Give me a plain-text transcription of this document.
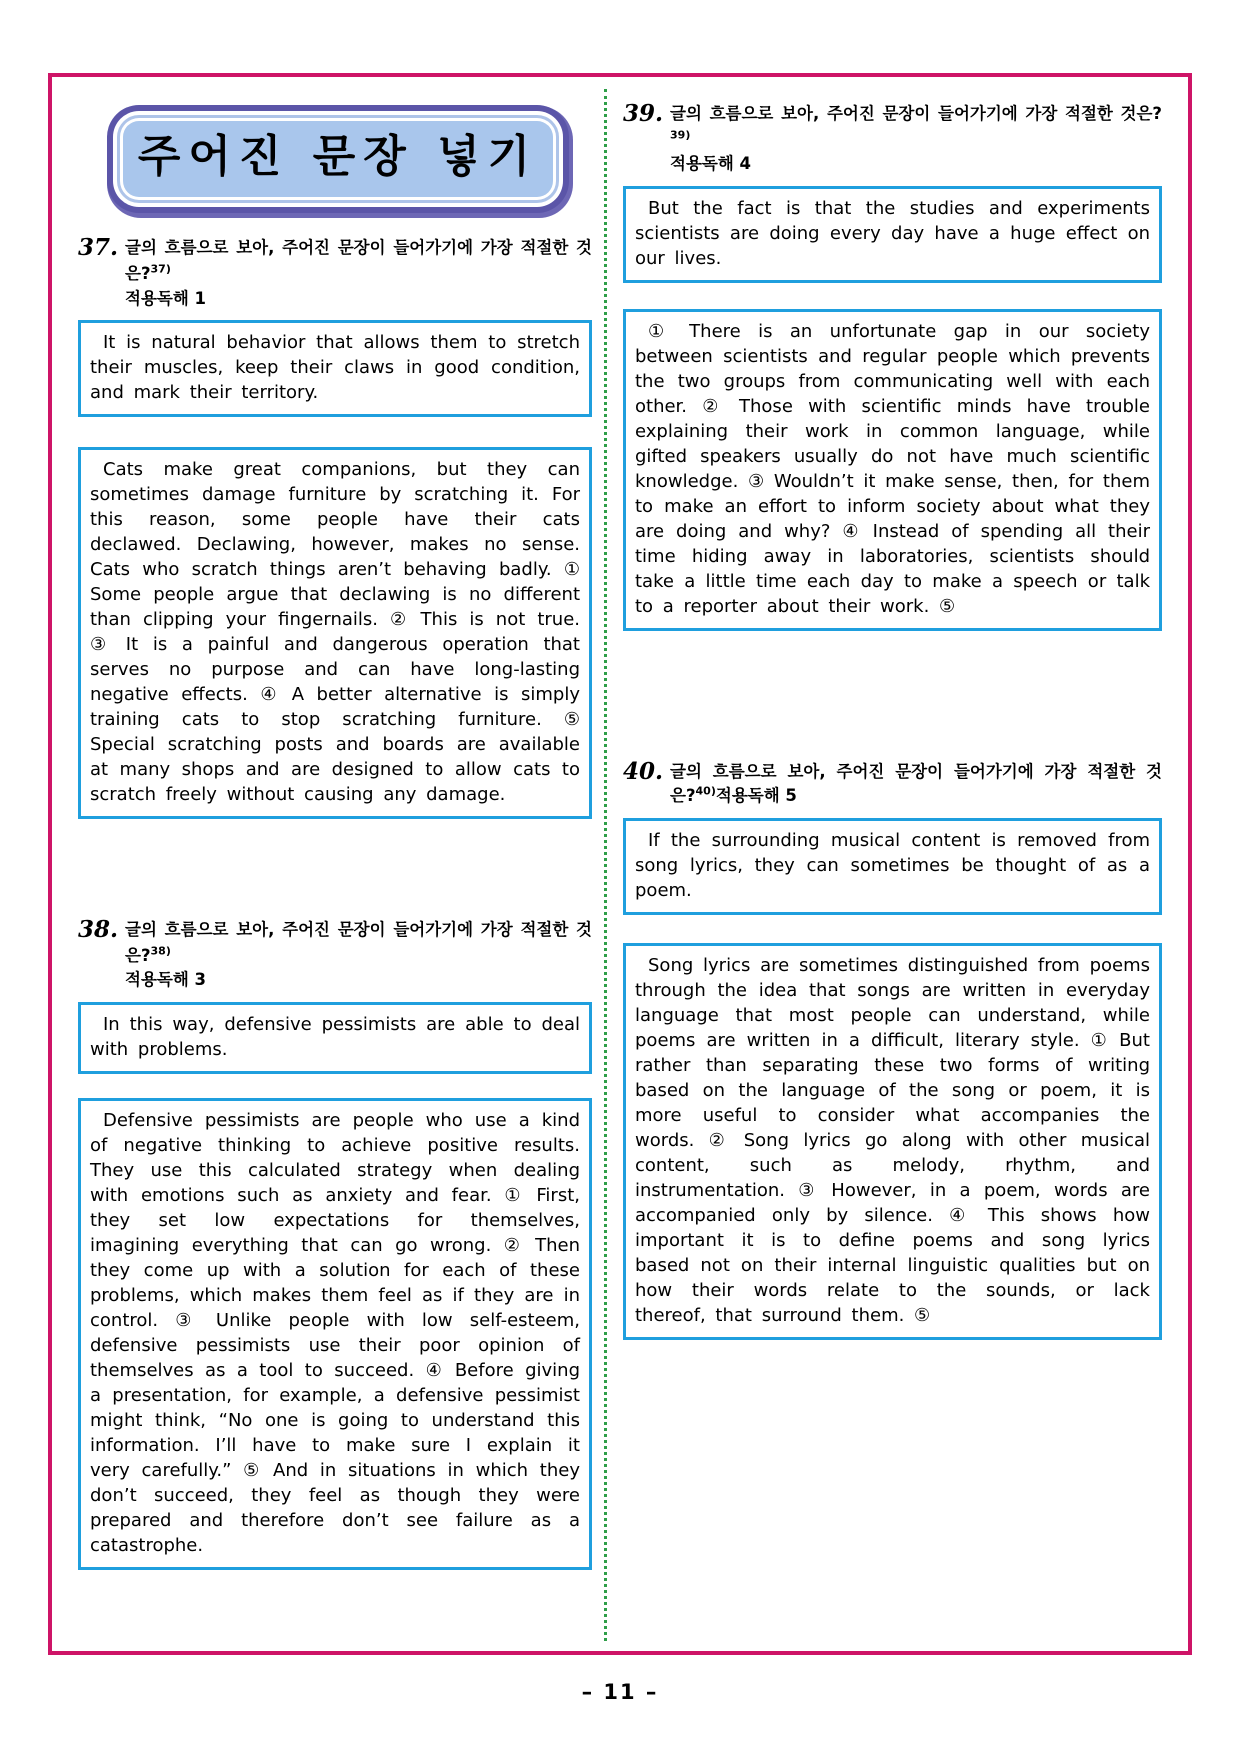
주어진 문장 넣기
37. 글의 흐름으로 보아, 주어진 문장이 들어가기에 가장 적절한 것은?$^{37)}$
적용독해 1

It is natural behavior that allows them to stretch their muscles, keep their claws in good condition, and mark their territory.

Cats make great companions, but they can sometimes damage furniture by scratching it. For this reason, some people have their cats declawed. Declawing, however, makes no sense. Cats who scratch things aren’t behaving badly. ① Some people argue that declawing is no different than clipping your fingernails. ② This is not true. ③ It is a painful and dangerous operation that serves no purpose and can have long-lasting negative effects. ④ A better alternative is simply training cats to stop scratching furniture. ⑤ Special scratching posts and boards are available at many shops and are designed to allow cats to scratch freely without causing any damage.

38. 글의 흐름으로 보아, 주어진 문장이 들어가기에 가장 적절한 것은?$^{38)}$
적용독해 3

In this way, defensive pessimists are able to deal with problems.

Defensive pessimists are people who use a kind of negative thinking to achieve positive results. They use this calculated strategy when dealing with emotions such as anxiety and fear. ① First, they set low expectations for themselves, imagining everything that can go wrong. ② Then they come up with a solution for each of these problems, which makes them feel as if they are in control. ③ Unlike people with low self-esteem, defensive pessimists use their poor opinion of themselves as a tool to succeed. ④ Before giving a presentation, for example, a defensive pessimist might think, “No one is going to understand this information. I’ll have to make sure I explain it very carefully.” ⑤ And in situations in which they don’t succeed, they feel as though they were prepared and therefore don’t see failure as a catastrophe.

39. 글의 흐름으로 보아, 주어진 문장이 들어가기에 가장 적절한 것은?$^{39)}$
적용독해 4

But the fact is that the studies and experiments scientists are doing every day have a huge effect on our lives.

① There is an unfortunate gap in our society between scientists and regular people which prevents the two groups from communicating well with each other. ② Those with scientific minds have trouble explaining their work in common language, while gifted speakers usually do not have much scientific knowledge. ③ Wouldn’t it make sense, then, for them to make an effort to inform society about what they are doing and why? ④ Instead of spending all their time hiding away in laboratories, scientists should take a little time each day to make a speech or talk to a reporter about their work. ⑤

40. 글의 흐름으로 보아, 주어진 문장이 들어가기에 가장 적절한 것
은?$^{40)}$적용독해 5

If the surrounding musical content is removed from song lyrics, they can sometimes be thought of as a poem.

Song lyrics are sometimes distinguished from poems through the idea that songs are written in everyday language that most people can understand, while poems are written in a difficult, literary style. ① But rather than separating these two forms of writing based on the language of the song or poem, it is more useful to consider what accompanies the words. ② Song lyrics go along with other musical content, such as melody, rhythm, and instrumentation. ③ However, in a poem, words are accompanied only by silence. ④ This shows how important it is to define poems and song lyrics based not on their internal linguistic qualities but on how their words relate to the sounds, or lack thereof, that surround them. ⑤

– 11 –
